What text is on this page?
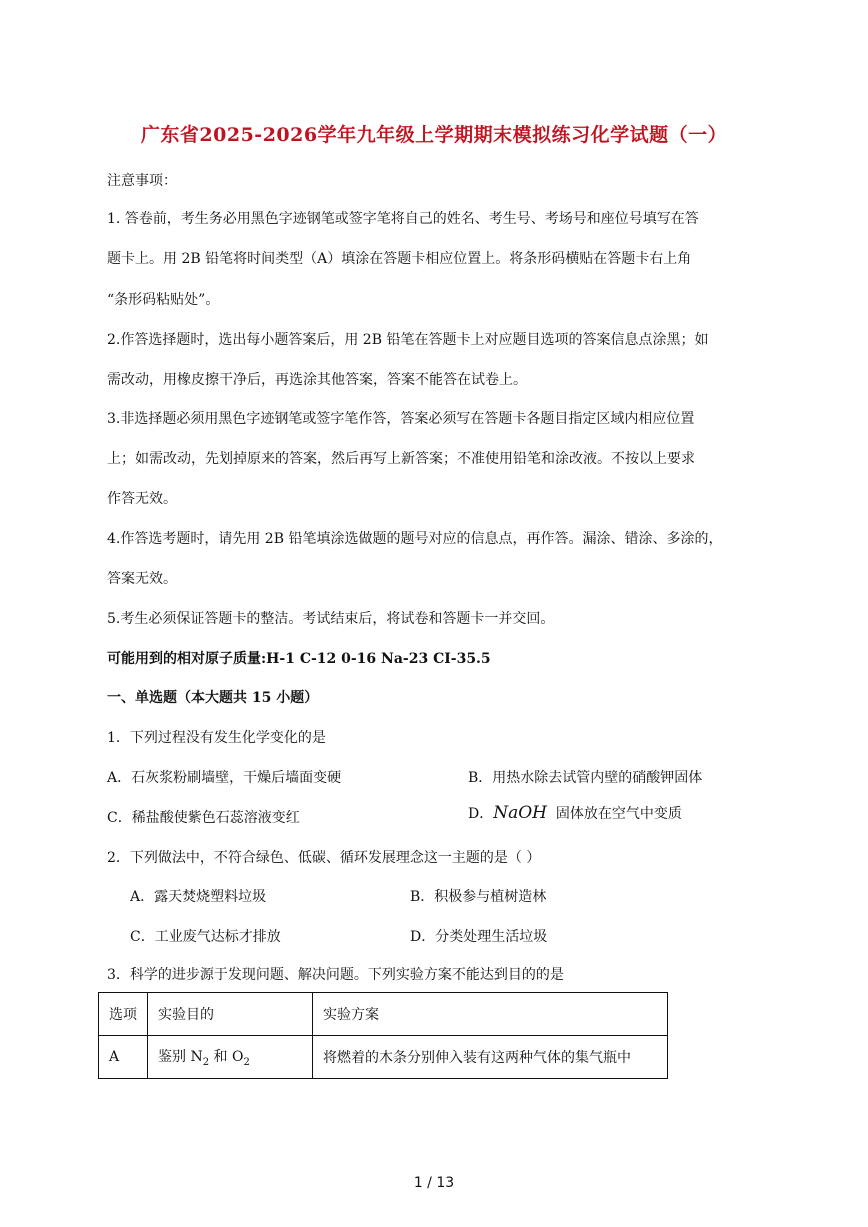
广东省2025-2026学年九年级上学期期末模拟练习化学试题（一）
注意事项：
1. 答卷前，考生务必用黑色字迹钢笔或签字笔将自己的姓名、考生号、考场号和座位号填写在答
题卡上。用 2B 铅笔将时间类型（A）填涂在答题卡相应位置上。将条形码横贴在答题卡右上角
“条形码粘贴处”。
2.作答选择题时，选出每小题答案后，用 2B 铅笔在答题卡上对应题目选项的答案信息点涂黑；如
需改动，用橡皮擦干净后，再选涂其他答案，答案不能答在试卷上。
3.非选择题必须用黑色字迹钢笔或签字笔作答，答案必须写在答题卡各题目指定区域内相应位置
上；如需改动，先划掉原来的答案，然后再写上新答案；不准使用铅笔和涂改液。不按以上要求
作答无效。
4.作答选考题时，请先用 2B 铅笔填涂选做题的题号对应的信息点，再作答。漏涂、错涂、多涂的，
答案无效。
5.考生必须保证答题卡的整洁。考试结束后，将试卷和答题卡一并交回。
可能用到的相对原子质量:H-1 C-12 0-16 Na-23 CI-35.5
一、单选题（本大题共 15 小题）
1．下列过程没有发生化学变化的是
A．石灰浆粉刷墙壁，干燥后墙面变硬	B．用热水除去试管内壁的硝酸钾固体
C．稀盐酸使紫色石蕊溶液变红	D．NaOH 固体放在空气中变质
2．下列做法中，不符合绿色、低碳、循环发展理念这一主题的是（ ）
A．露天焚烧塑料垃圾	B．积极参与植树造林
C．工业废气达标才排放	D．分类处理生活垃圾
3．科学的进步源于发现问题、解决问题。下列实验方案不能达到目的的是
选项	实验目的	实验方案
A	鉴别 $N_2$ 和 $O_2$	将燃着的木条分别伸入装有这两种气体的集气瓶中
1 / 13
